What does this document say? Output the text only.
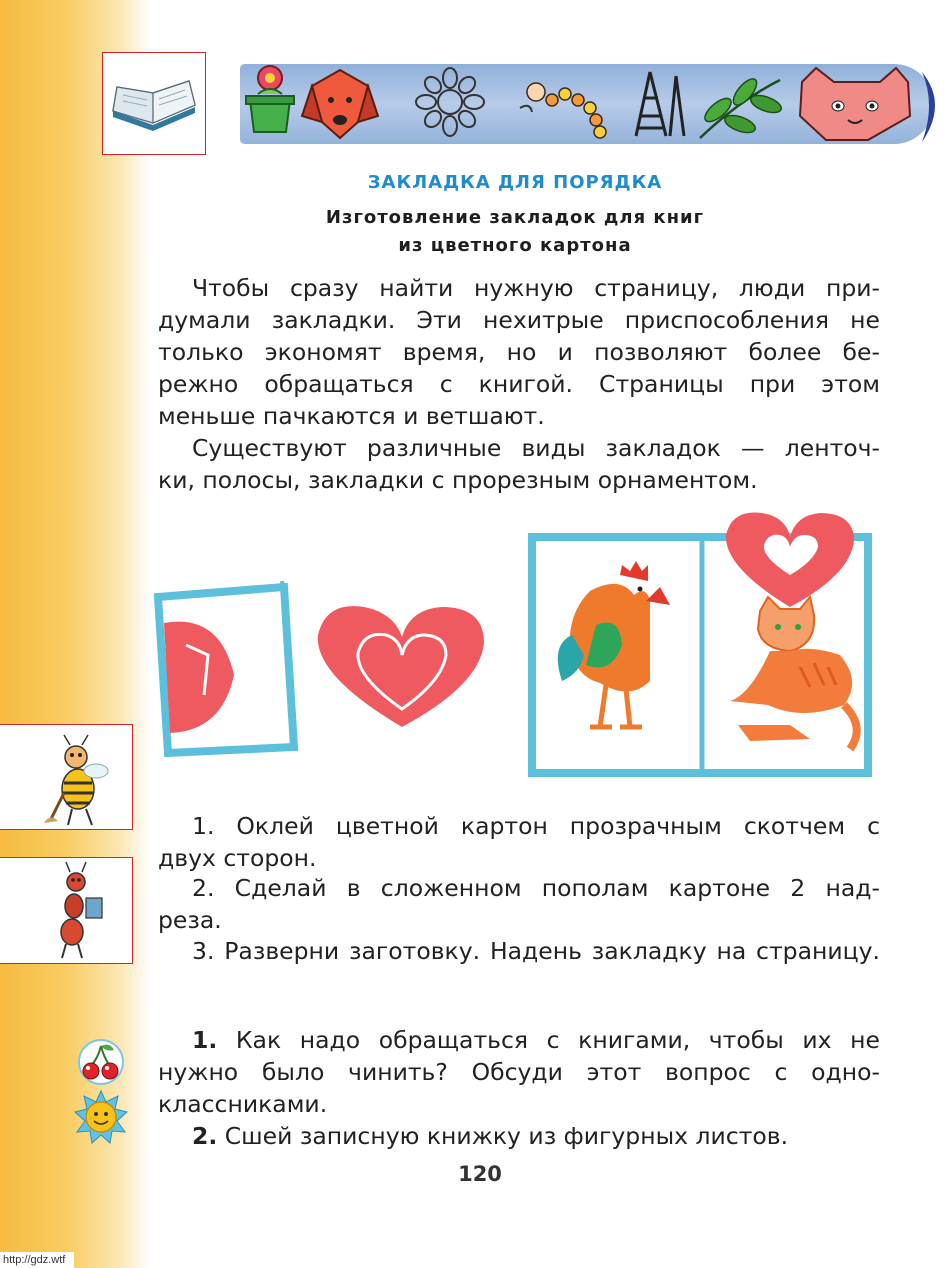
ЗАКЛАДКА ДЛЯ ПОРЯДКА
Изготовление закладок для книг
из цветного картона
Чтобы сразу найти нужную страницу, люди при-
думали закладки. Эти нехитрые приспособления не
только экономят время, но и позволяют более бе-
режно обращаться с книгой. Страницы при этом
меньше пачкаются и ветшают.
Существуют различные виды закладок — ленточ-
ки, полосы, закладки с прорезным орнаментом.
1. Оклей цветной картон прозрачным скотчем с
двух сторон.
2. Сделай в сложенном пополам картоне 2 над-
реза.
3. Разверни заготовку. Надень закладку на страницу.
1. Как надо обращаться с книгами, чтобы их не
нужно было чинить? Обсуди этот вопрос с одно-
классниками.
2. Сшей записную книжку из фигурных листов.
120
http://gdz.wtf
